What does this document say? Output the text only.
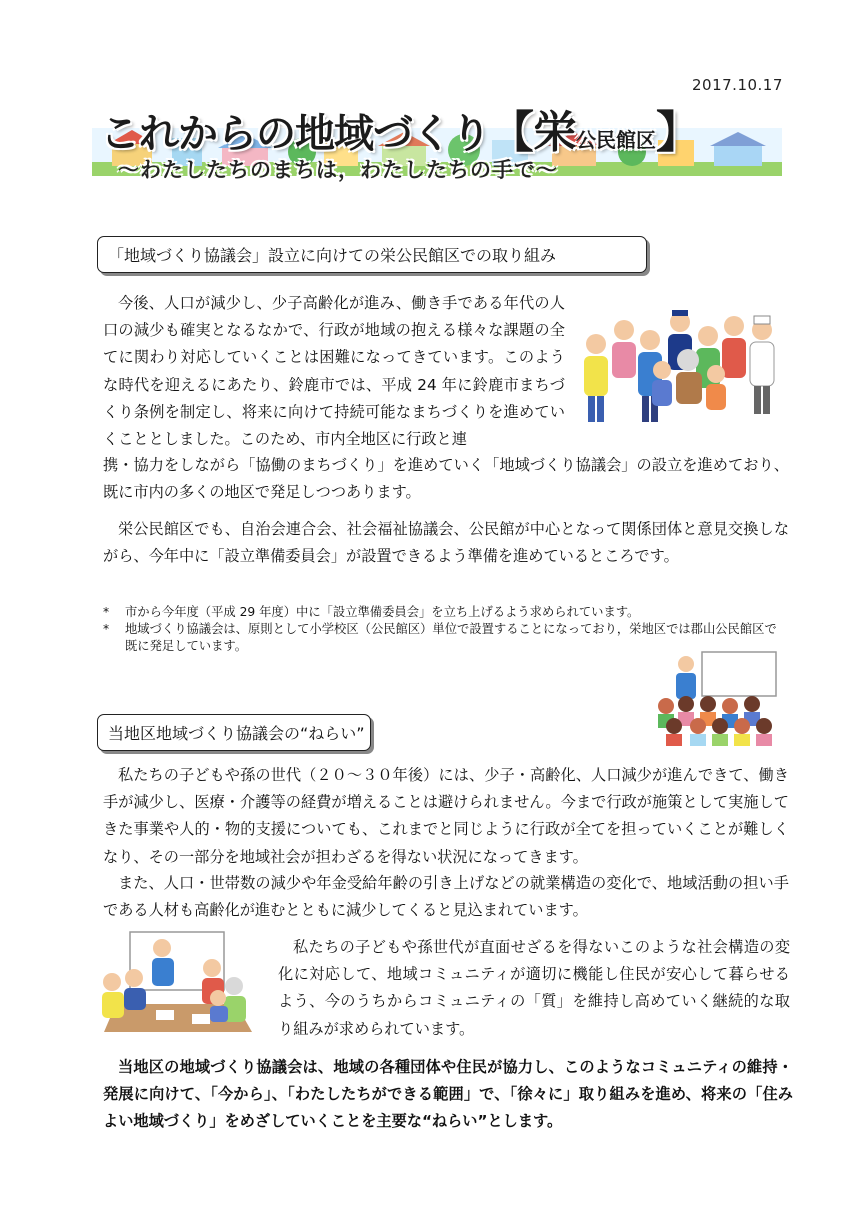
2017.10.17
これからの地域づくり【栄公民館区】
～わたしたちのまちは，わたしたちの手で～
「地域づくり協議会」設立に向けての栄公民館区での取り組み
今後、人口が減少し、少子高齢化が進み、働き手である年代の人口の減少も確実となるなかで、行政が地域の抱える様々な課題の全てに関わり対応していくことは困難になってきています。このような時代を迎えるにあたり、鈴鹿市では、平成 24 年に鈴鹿市まちづくり条例を制定し、将来に向けて持続可能なまちづくりを進めていくこととしました。このため、市内全地区に行政と連
携・協力をしながら「協働のまちづくり」を進めていく「地域づくり協議会」の設立を進めており、既に市内の多くの地区で発足しつつあります。
栄公民館区でも、自治会連合会、社会福祉協議会、公民館が中心となって関係団体と意見交換しながら、今年中に「設立準備委員会」が設置できるよう準備を進めているところです。
*	市から今年度（平成 29 年度）中に「設立準備委員会」を立ち上げるよう求められています。
*	地域づくり協議会は、原則として小学校区（公民館区）単位で設置することになっており，栄地区では郡山公民館区で既に発足しています。
当地区地域づくり協議会の“ねらい”
私たちの子どもや孫の世代（２０～３０年後）には、少子・高齢化、人口減少が進んできて、働き手が減少し、医療・介護等の経費が増えることは避けられません。今まで行政が施策として実施してきた事業や人的・物的支援についても、これまでと同じように行政が全てを担っていくことが難しくなり、その一部分を地域社会が担わざるを得ない状況になってきます。
また、人口・世帯数の減少や年金受給年齢の引き上げなどの就業構造の変化で、地域活動の担い手である人材も高齢化が進むとともに減少してくると見込まれています。
私たちの子どもや孫世代が直面せざるを得ないこのような社会構造の変化に対応して、地域コミュニティが適切に機能し住民が安心して暮らせるよう、今のうちからコミュニティの「質」を維持し高めていく継続的な取り組みが求められています。
当地区の地域づくり協議会は、地域の各種団体や住民が協力し、このようなコミュニティの維持・発展に向けて、「今から」、「わたしたちができる範囲」で、「徐々に」取り組みを進め、将来の「住みよい地域づくり」をめざしていくことを主要な“ねらい”とします。
